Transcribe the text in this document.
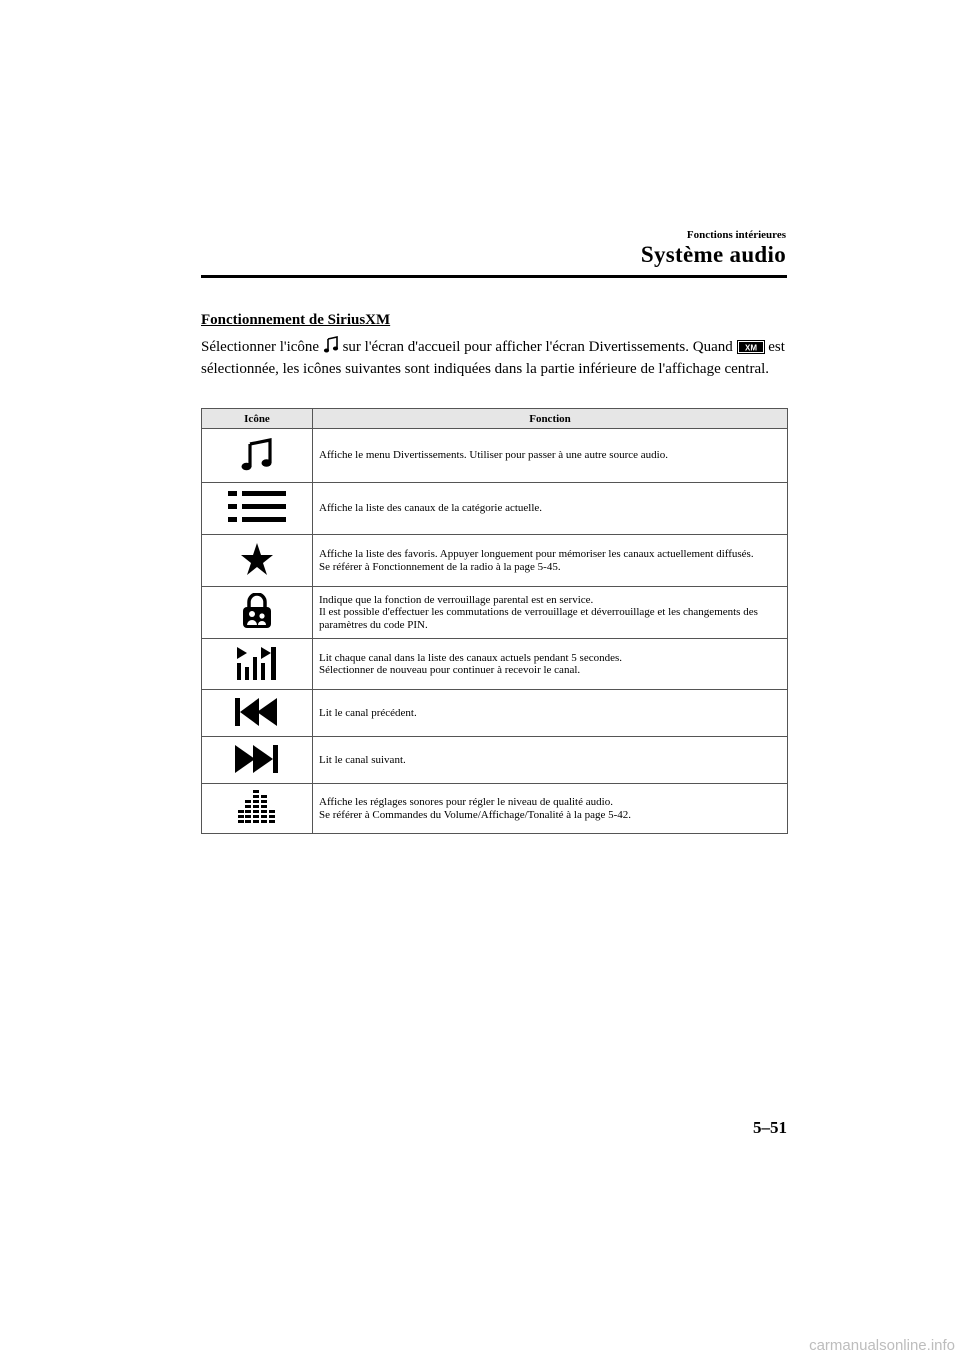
Fonctions intérieures
Système audio
Fonctionnement de SiriusXM
Sélectionner l'icône  sur l'écran d'accueil pour afficher l'écran Divertissements. Quand XM est sélectionnée, les icônes suivantes sont indiquées dans la partie inférieure de l'affichage central.
Icône	Fonction

Affiche le menu Divertissements. Utiliser pour passer à une autre source audio.

Affiche la liste des canaux de la catégorie actuelle.

Affiche la liste des favoris. Appuyer longuement pour mémoriser les canaux actuellement diffusés.
Se référer à Fonctionnement de la radio à la page 5-45.

Indique que la fonction de verrouillage parental est en service.
Il est possible d'effectuer les commutations de verrouillage et déverrouillage et les changements des paramètres du code PIN.

Lit chaque canal dans la liste des canaux actuels pendant 5 secondes.
Sélectionner de nouveau pour continuer à recevoir le canal.

Lit le canal précédent.

Lit le canal suivant.

Affiche les réglages sonores pour régler le niveau de qualité audio.
Se référer à Commandes du Volume/Affichage/Tonalité à la page 5-42.
5–51
carmanualsonline.info
